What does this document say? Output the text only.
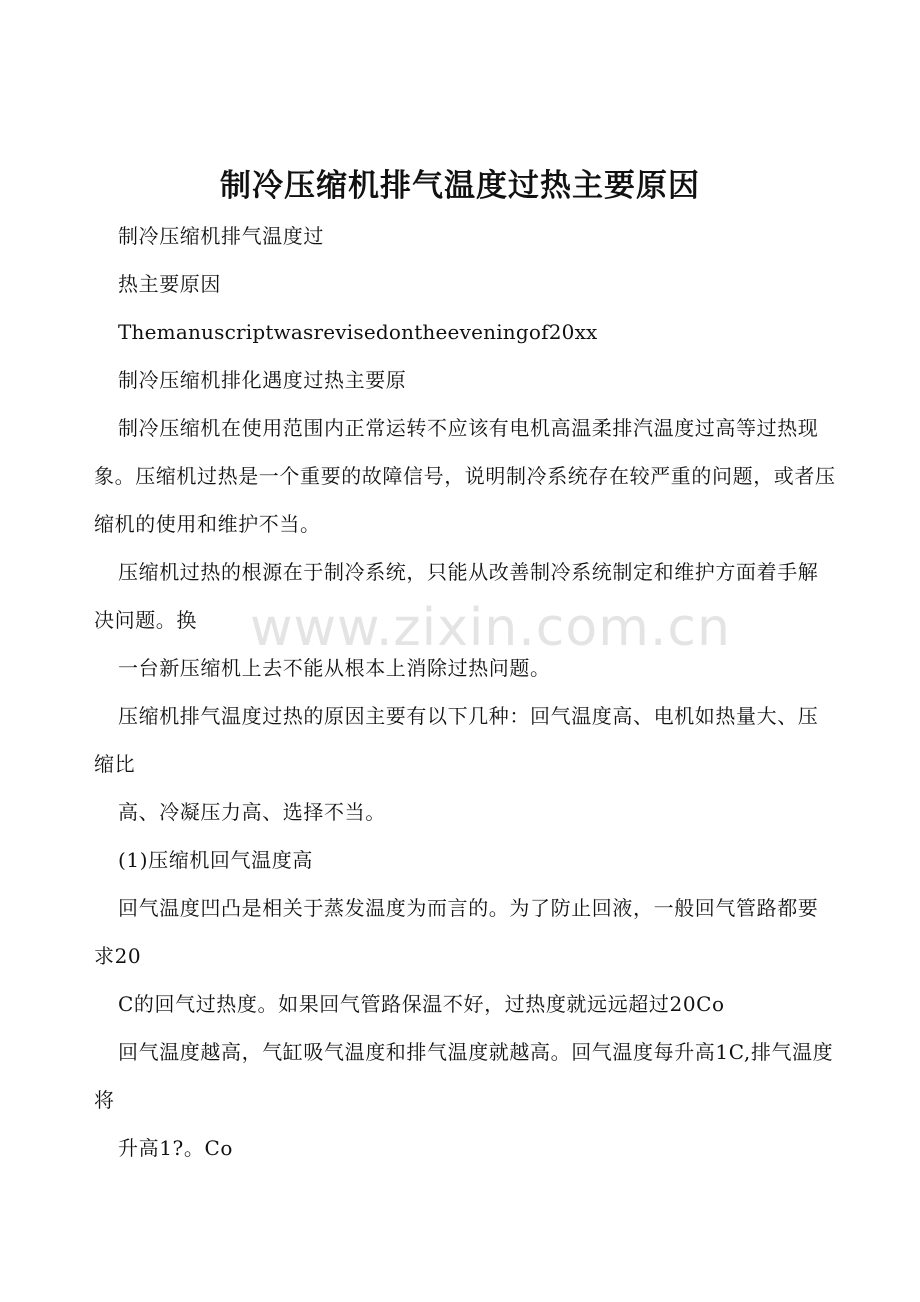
制冷压缩机排气温度过热主要原因
www.zixin.com.cn

制冷压缩机排气温度过

热主要原因

Themanuscriptwasrevisedontheeveningof20xx

制冷压缩机排化遇度过热主要原

制冷压缩机在使用范围内正常运转不应该有电机高温柔排汽温度过高等过热现象。压缩机过热是一个重要的故障信号，说明制冷系统存在较严重的问题，或者压缩机的使用和维护不当。

压缩机过热的根源在于制冷系统，只能从改善制冷系统制定和维护方面着手解决问题。换

一台新压缩机上去不能从根本上消除过热问题。

压缩机排气温度过热的原因主要有以下几种：回气温度高、电机如热量大、压缩比

高、冷凝压力高、选择不当。

(1)压缩机回气温度高

回气温度凹凸是相关于蒸发温度为而言的。为了防止回液，一般回气管路都要求20

C的回气过热度。如果回气管路保温不好，过热度就远远超过20Co

回气温度越高，气缸吸气温度和排气温度就越高。回气温度每升高1C,排气温度将

升高1?。Co
